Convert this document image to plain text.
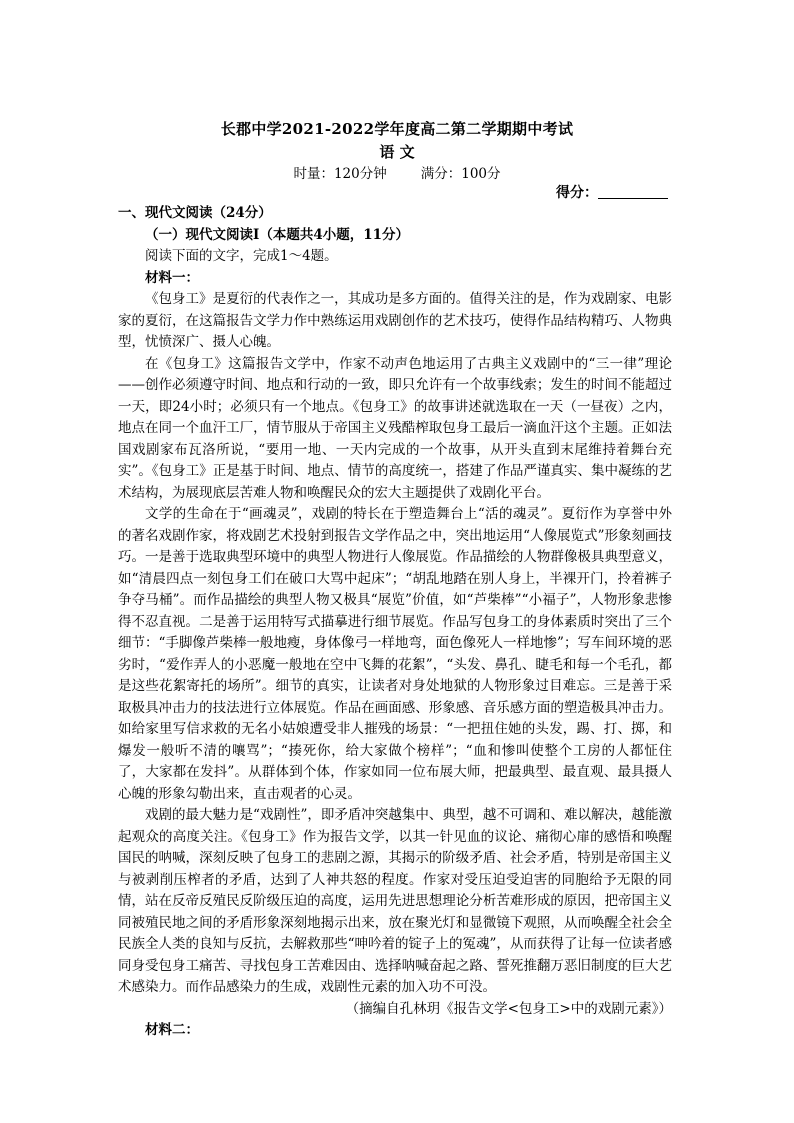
长郡中学2021-2022学年度高二第二学期期中考试
语 文
时量：120分钟	满分：100分
得分：

一、现代文阅读（24分）

（一）现代文阅读Ⅰ（本题共4小题，11分）

阅读下面的文字，完成1～4题。

材料一：

《包身工》是夏衍的代表作之一，其成功是多方面的。值得关注的是，作为戏剧家、电影家的夏衍，在这篇报告文学力作中熟练运用戏剧创作的艺术技巧，使得作品结构精巧、人物典型，忧愤深广、摄人心魄。

在《包身工》这篇报告文学中，作家不动声色地运用了古典主义戏剧中的“三一律”理论——创作必须遵守时间、地点和行动的一致，即只允许有一个故事线索；发生的时间不能超过一天，即24小时；必须只有一个地点。《包身工》的故事讲述就选取在一天（一昼夜）之内，地点在同一个血汗工厂，情节服从于帝国主义残酷榨取包身工最后一滴血汗这个主题。正如法国戏剧家布瓦洛所说，“要用一地、一天内完成的一个故事，从开头直到末尾维持着舞台充实”。《包身工》正是基于时间、地点、情节的高度统一，搭建了作品严谨真实、集中凝练的艺术结构，为展现底层苦难人物和唤醒民众的宏大主题提供了戏剧化平台。

文学的生命在于“画魂灵”，戏剧的特长在于塑造舞台上“活的魂灵”。夏衍作为享誉中外的著名戏剧作家，将戏剧艺术投射到报告文学作品之中，突出地运用“人像展览式”形象刻画技巧。一是善于选取典型环境中的典型人物进行人像展览。作品描绘的人物群像极具典型意义，如“清晨四点一刻包身工们在破口大骂中起床”；“胡乱地踏在别人身上，半裸开门，拎着裤子争夺马桶”。而作品描绘的典型人物又极具“展览”价值，如“芦柴棒”“小福子”，人物形象悲惨得不忍直视。二是善于运用特写式描摹进行细节展览。作品写包身工的身体素质时突出了三个细节：“手脚像芦柴棒一般地瘦，身体像弓一样地弯，面色像死人一样地惨”；写车间环境的恶劣时，“爱作弄人的小恶魔一般地在空中飞舞的花絮”，“头发、鼻孔、睫毛和每一个毛孔，都是这些花絮寄托的场所”。细节的真实，让读者对身处地狱的人物形象过目难忘。三是善于采取极具冲击力的技法进行立体展览。作品在画面感、形象感、音乐感方面的塑造极具冲击力。如给家里写信求救的无名小姑娘遭受非人摧残的场景：“一把扭住她的头发，踢、打、掷，和爆发一般听不清的嚷骂”；“揍死你，给大家做个榜样”；“血和惨叫使整个工房的人都怔住了，大家都在发抖”。从群体到个体，作家如同一位布展大师，把最典型、最直观、最具摄人心魄的形象勾勒出来，直击观者的心灵。

戏剧的最大魅力是“戏剧性”，即矛盾冲突越集中、典型，越不可调和、难以解决，越能激起观众的高度关注。《包身工》作为报告文学，以其一针见血的议论、痛彻心扉的感悟和唤醒国民的呐喊，深刻反映了包身工的悲剧之源，其揭示的阶级矛盾、社会矛盾，特别是帝国主义与被剥削压榨者的矛盾，达到了人神共怒的程度。作家对受压迫受迫害的同胞给予无限的同情，站在反帝反殖民反阶级压迫的高度，运用先进思想理论分析苦难形成的原因，把帝国主义同被殖民地之间的矛盾形象深刻地揭示出来，放在聚光灯和显微镜下观照，从而唤醒全社会全民族全人类的良知与反抗，去解救那些“呻吟着的锭子上的冤魂”，从而获得了让每一位读者感同身受包身工痛苦、寻找包身工苦难因由、选择呐喊奋起之路、誓死推翻万恶旧制度的巨大艺术感染力。而作品感染力的生成，戏剧性元素的加入功不可没。

（摘编自孔林玥《报告文学<包身工>中的戏剧元素》）

材料二：
